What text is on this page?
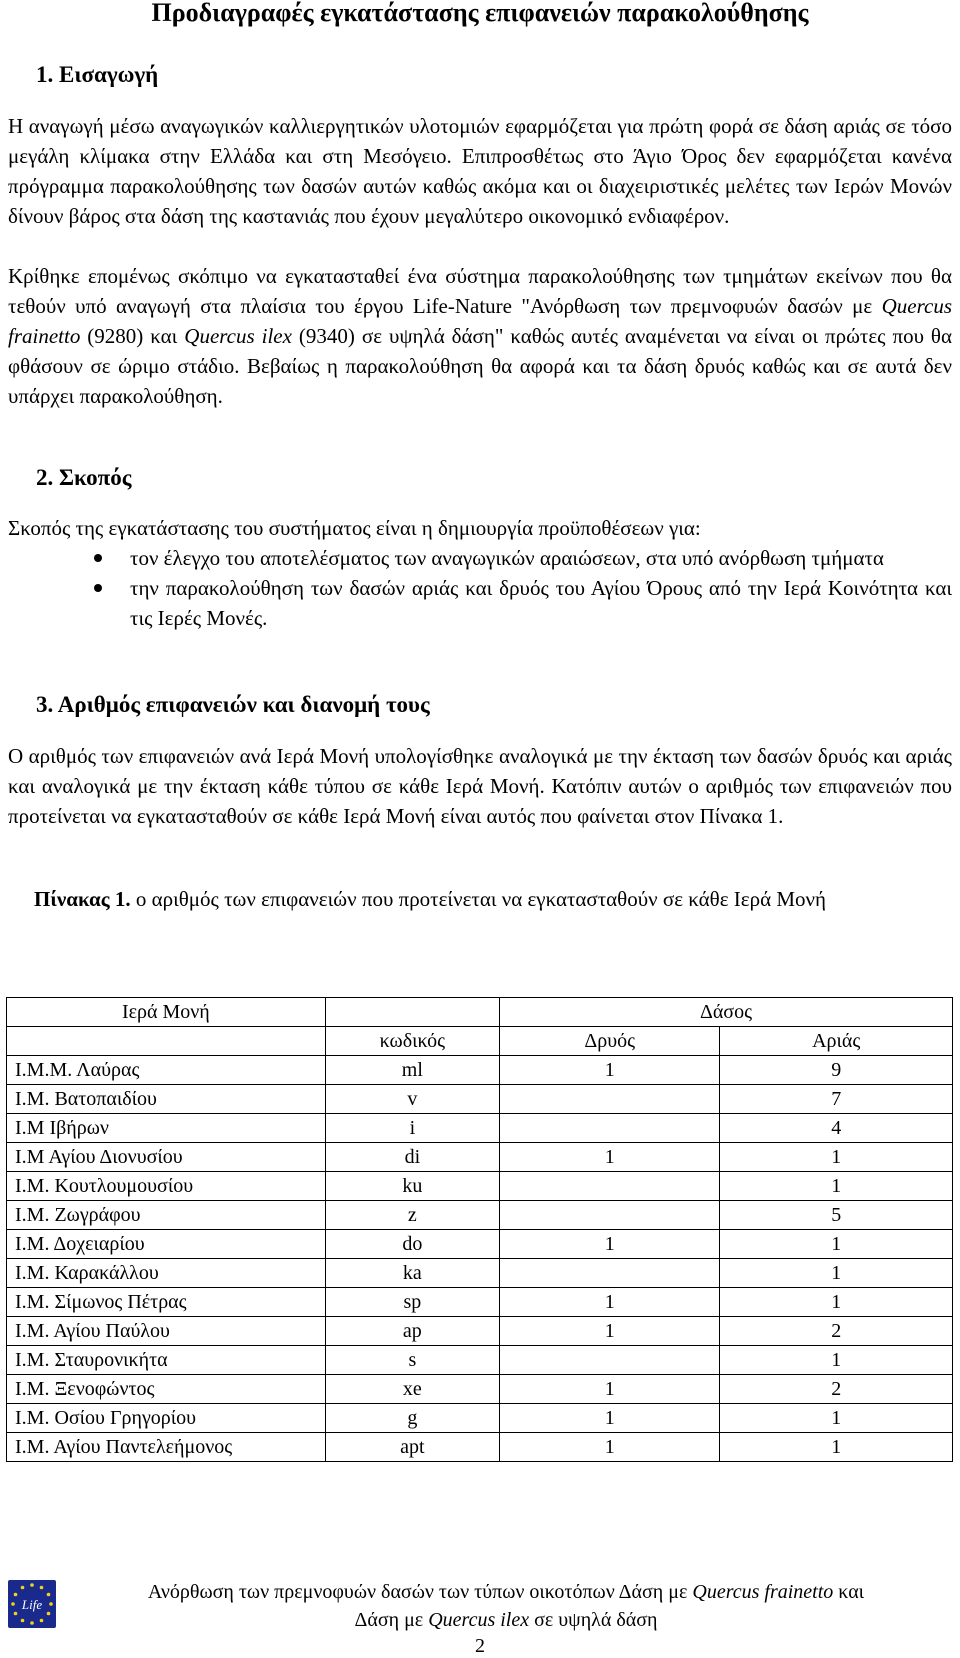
Προδιαγραφές εγκατάστασης επιφανειών παρακολούθησης
1. Εισαγωγή
Η αναγωγή μέσω αναγωγικών καλλιεργητικών υλοτομιών εφαρμόζεται για πρώτη φορά σε δάση αριάς σε τόσο μεγάλη κλίμακα στην Ελλάδα και στη Μεσόγειο. Επιπροσθέτως στο Άγιο Όρος δεν εφαρμόζεται κανένα πρόγραμμα παρακολούθησης των δασών αυτών καθώς ακόμα και οι διαχειριστικές μελέτες των Ιερών Μονών δίνουν βάρος στα δάση της καστανιάς που έχουν μεγαλύτερο οικονομικό ενδιαφέρον.
Κρίθηκε επομένως σκόπιμο να εγκατασταθεί ένα σύστημα παρακολούθησης των τμημάτων εκείνων που θα τεθούν υπό αναγωγή στα πλαίσια του έργου Life-Nature "Ανόρθωση των πρεμνοφυών δασών με Quercus frainetto (9280) και Quercus ilex (9340) σε υψηλά δάση" καθώς αυτές αναμένεται να είναι οι πρώτες που θα φθάσουν σε ώριμο στάδιο. Βεβαίως η παρακολούθηση θα αφορά και τα δάση δρυός καθώς και σε αυτά δεν υπάρχει παρακολούθηση.
2. Σκοπός
Σκοπός της εγκατάστασης του συστήματος είναι η δημιουργία προϋποθέσεων για:
τον έλεγχο του αποτελέσματος των αναγωγικών αραιώσεων, στα υπό ανόρθωση τμήματα
την παρακολούθηση των δασών αριάς και δρυός του Αγίου Όρους από την Ιερά Κοινότητα και τις Ιερές Μονές.
3. Αριθμός επιφανειών και διανομή τους
Ο αριθμός των επιφανειών ανά Ιερά Μονή υπολογίσθηκε αναλογικά με την έκταση των δασών δρυός και αριάς και αναλογικά με την έκταση κάθε τύπου σε κάθε Ιερά Μονή. Κατόπιν αυτών ο αριθμός των επιφανειών που προτείνεται να εγκατασταθούν σε κάθε Ιερά Μονή είναι αυτός που φαίνεται στον Πίνακα 1.
Πίνακας 1. ο αριθμός των επιφανειών που προτείνεται να εγκατασταθούν σε κάθε Ιερά Μονή
Ιερά Μονή		Δάσος	
	κωδικός	Δρυός	Αριάς
Ι.Μ.Μ. Λαύρας	ml	1	9
Ι.Μ. Βατοπαιδίου	v		7
Ι.Μ Ιβήρων	i		4
Ι.Μ Αγίου Διονυσίου	di	1	1
Ι.Μ. Κουτλουμουσίου	ku		1
Ι.Μ. Ζωγράφου	z		5
Ι.Μ. Δοχειαρίου	do	1	1
Ι.Μ. Καρακάλλου	ka		1
Ι.Μ. Σίμωνος Πέτρας	sp	1	1
Ι.Μ. Αγίου Παύλου	ap	1	2
Ι.Μ. Σταυρονικήτα	s		1
Ι.Μ. Ξενοφώντος	xe	1	2
Ι.Μ. Οσίου Γρηγορίου	g	1	1
Ι.Μ. Αγίου Παντελεήμονος	apt	1	1
Life
Ανόρθωση των πρεμνοφυών δασών των τύπων οικοτόπων Δάση με Quercus frainetto και
Δάση με Quercus ilex σε υψηλά δάση
2
